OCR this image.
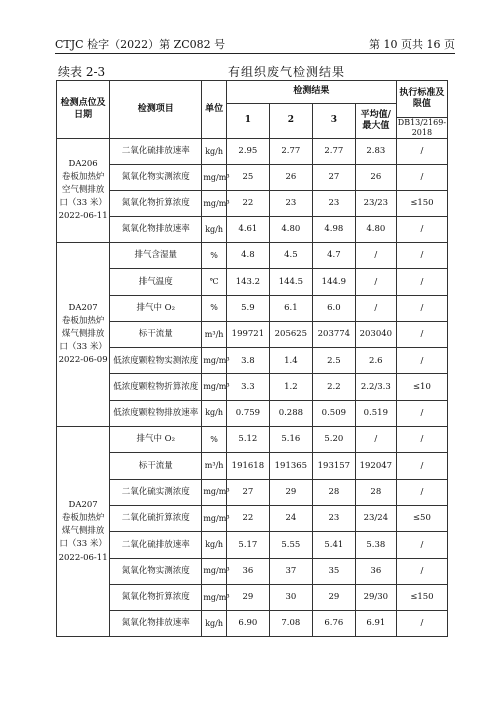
CTJC 检字（2022）第 ZC082 号	第 10 页共 16 页
续表 2-3	有组织废气检测结果
检测点位及日期	检测项目	单位	检测结果				执行标准及限值
			1	2	3	平均值/最大值	
							DB13/2169-2018

DA206
卷板加热炉
空气侧排放
口（33 米）
2022-06-11	二氧化硫排放速率	kg/h	2.95	2.77	2.77	2.83	/
	氮氧化物实测浓度	mg/m³	25	26	27	26	/
	氮氧化物折算浓度	mg/m³	22	23	23	23/23	≤150
	氮氧化物排放速率	kg/h	4.61	4.80	4.98	4.80	/

DA207
卷板加热炉
煤气侧排放
口（33 米）
2022-06-09	排气含湿量	%	4.8	4.5	4.7	/	/
	排气温度	℃	143.2	144.5	144.9	/	/
	排气中 O₂	%	5.9	6.1	6.0	/	/
	标干流量	m³/h	199721	205625	203774	203040	/
	低浓度颗粒物实测浓度	mg/m³	3.8	1.4	2.5	2.6	/
	低浓度颗粒物折算浓度	mg/m³	3.3	1.2	2.2	2.2/3.3	≤10
	低浓度颗粒物排放速率	kg/h	0.759	0.288	0.509	0.519	/

DA207
卷板加热炉
煤气侧排放
口（33 米）
2022-06-11	排气中 O₂	%	5.12	5.16	5.20	/	/
	标干流量	m³/h	191618	191365	193157	192047	/
	二氧化硫实测浓度	mg/m³	27	29	28	28	/
	二氧化硫折算浓度	mg/m³	22	24	23	23/24	≤50
	二氧化硫排放速率	kg/h	5.17	5.55	5.41	5.38	/
	氮氧化物实测浓度	mg/m³	36	37	35	36	/
	氮氧化物折算浓度	mg/m³	29	30	29	29/30	≤150
	氮氧化物排放速率	kg/h	6.90	7.08	6.76	6.91	/
